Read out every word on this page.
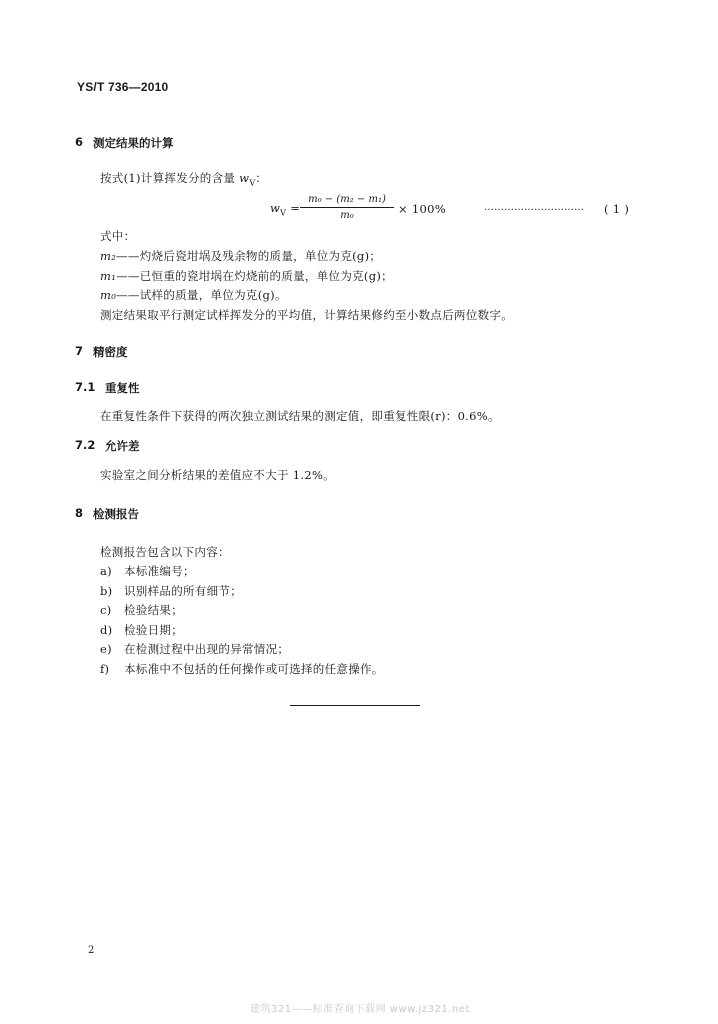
YS/T 736—2010
6 测定结果的计算
按式(1)计算挥发分的含量 $w_V$：
$w_V$ =
m₀ − (m₂ − m₁)
m₀	× 100%	………………………… ( 1 )
式中：
m₂——灼烧后瓷坩埚及残余物的质量，单位为克(g)；
m₁——已恒重的瓷坩埚在灼烧前的质量，单位为克(g)；
m₀——试样的质量，单位为克(g)。
测定结果取平行测定试样挥发分的平均值，计算结果修约至小数点后两位数字。
7 精密度
7.1 重复性
在重复性条件下获得的两次独立测试结果的测定值，即重复性限(r)：0.6%。
7.2 允许差
实验室之间分析结果的差值应不大于 1.2%。
8 检测报告
检测报告包含以下内容：
a) 本标准编号；
b) 识别样品的所有细节；
c) 检验结果；
d) 检验日期；
e) 在检测过程中出现的异常情况；
f) 本标准中不包括的任何操作或可选择的任意操作。
2
建筑321——标准查询下载网 www.jz321.net
